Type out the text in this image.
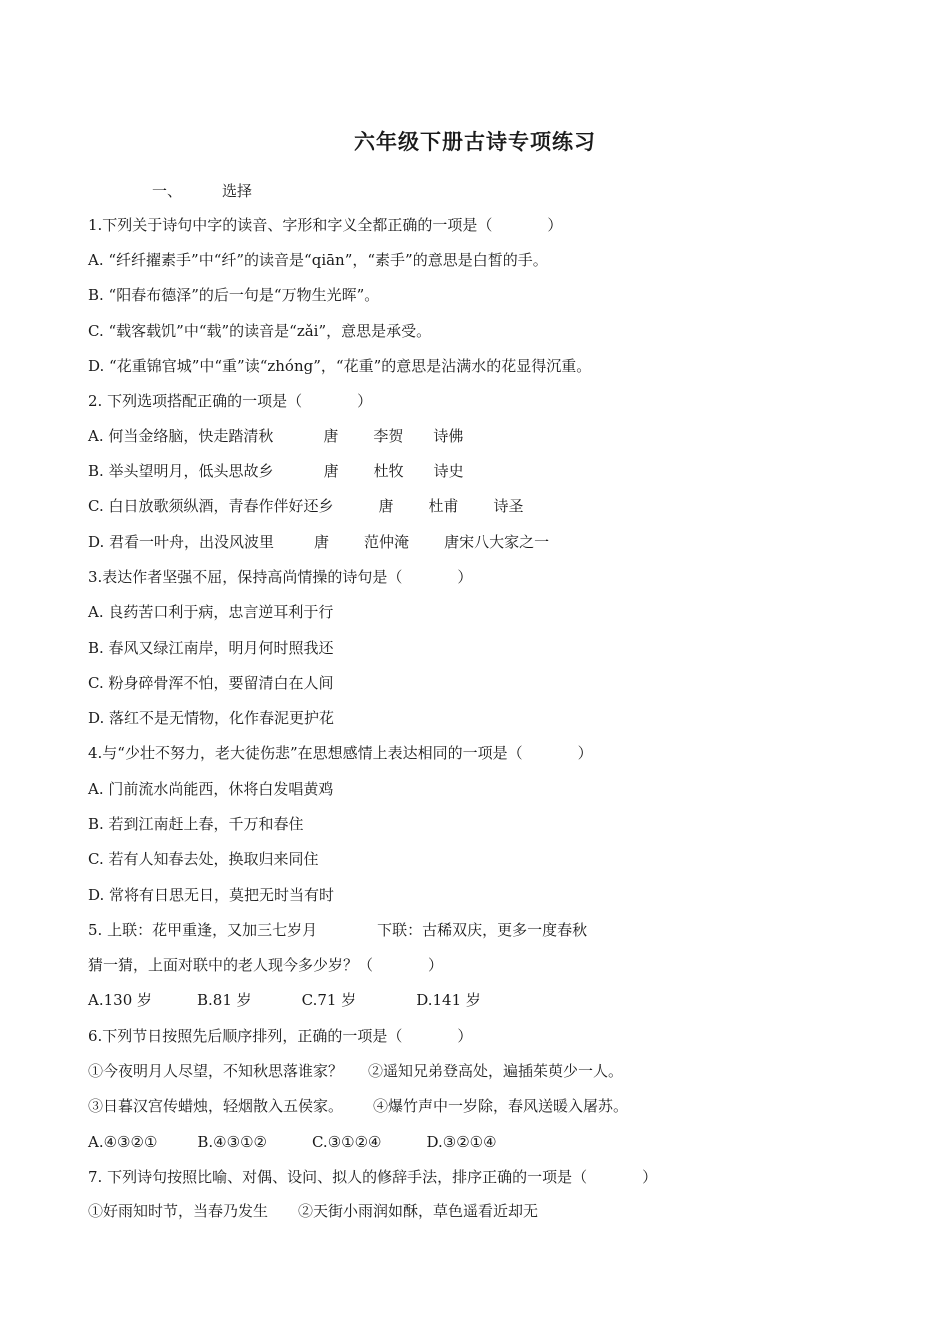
六年级下册古诗专项练习
一、	选择
1.下列关于诗句中字的读音、字形和字义全都正确的一项是（	）
A. “纤纤擢素手”中“纤”的读音是“qiān”，“素手”的意思是白皙的手。
B. “阳春布德泽”的后一句是“万物生光晖”。
C. “载客载饥”中“载”的读音是“zǎi”，意思是承受。
D. “花重锦官城”中“重”读“zhóng”，“花重”的意思是沾满水的花显得沉重。
2. 下列选项搭配正确的一项是（	）
A. 何当金络脑，快走踏清秋	唐 李贺 诗佛
B. 举头望明月，低头思故乡	唐 杜牧 诗史
C. 白日放歌须纵酒，青春作伴好还乡	唐 杜甫 诗圣
D. 君看一叶舟，出没风波里	唐 范仲淹 唐宋八大家之一
3.表达作者坚强不屈，保持高尚情操的诗句是（	）
A. 良药苦口利于病，忠言逆耳利于行
B. 春风又绿江南岸，明月何时照我还
C. 粉身碎骨浑不怕，要留清白在人间
D. 落红不是无情物，化作春泥更护花
4.与“少壮不努力，老大徒伤悲”在思想感情上表达相同的一项是（	）
A. 门前流水尚能西，休将白发唱黄鸡
B. 若到江南赶上春，千万和春住
C. 若有人知春去处，换取归来同住
D. 常将有日思无日，莫把无时当有时
5. 上联：花甲重逢，又加三七岁月	下联：古稀双庆，更多一度春秋
猜一猜，上面对联中的老人现今多少岁？（	）
A.130 岁	B.81 岁	C.71 岁	D.141 岁
6.下列节日按照先后顺序排列，正确的一项是（	）
①今夜明月人尽望，不知秋思落谁家？ ②遥知兄弟登高处，遍插茱萸少一人。
③日暮汉宫传蜡烛，轻烟散入五侯家。 ④爆竹声中一岁除，春风送暖入屠苏。
A.④③②①	B.④③①②	C.③①②④	D.③②①④
7. 下列诗句按照比喻、对偶、设问、拟人的修辞手法，排序正确的一项是（	）
①好雨知时节，当春乃发生 ②天街小雨润如酥，草色遥看近却无
